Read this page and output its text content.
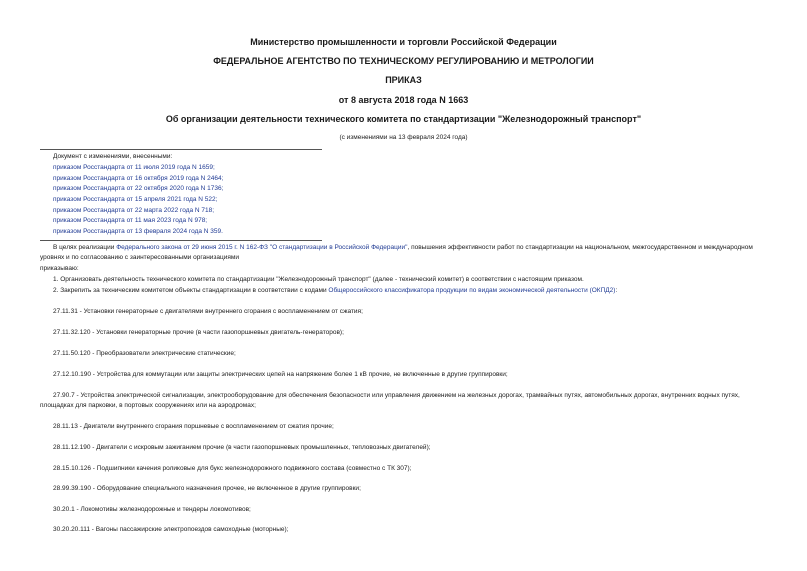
Министерство промышленности и торговли Российской Федерации
ФЕДЕРАЛЬНОЕ АГЕНТСТВО ПО ТЕХНИЧЕСКОМУ РЕГУЛИРОВАНИЮ И МЕТРОЛОГИИ
ПРИКАЗ
от 8 августа 2018 года N 1663
Об организации деятельности технического комитета по стандартизации "Железнодорожный транспорт"
(с изменениями на 13 февраля 2024 года)
Документ с изменениями, внесенными:
приказом Росстандарта от 11 июля 2019 года N 1659;
приказом Росстандарта от 16 октября 2019 года N 2464;
приказом Росстандарта от 22 октября 2020 года N 1736;
приказом Росстандарта от 15 апреля 2021 года N 522;
приказом Росстандарта от 22 марта 2022 года N 718;
приказом Росстандарта от 11 мая 2023 года N 978;
приказом Росстандарта от 13 февраля 2024 года N 359.
В целях реализации Федерального закона от 29 июня 2015 г. N 162-ФЗ "О стандартизации в Российской Федерации", повышения эффективности работ по стандартизации на национальном, межгосударственном и международном уровнях и по согласованию с заинтересованными организациями
приказываю:
1. Организовать деятельность технического комитета по стандартизации "Железнодорожный транспорт" (далее - технический комитет) в соответствии с настоящим приказом.
2. Закрепить за техническим комитетом объекты стандартизации в соответствии с кодами Общероссийского классификатора продукции по видам экономической деятельности (ОКПД2):
27.11.31 - Установки генераторные с двигателями внутреннего сгорания с воспламенением от сжатия;
27.11.32.120 - Установки генераторные прочие (в части газопоршневых двигатель-генераторов);
27.11.50.120 - Преобразователи электрические статические;
27.12.10.190 - Устройства для коммутации или защиты электрических цепей на напряжение более 1 кВ прочие, не включенные в другие группировки;
27.90.7 - Устройства электрической сигнализации, электрооборудование для обеспечения безопасности или управления движением на железных дорогах, трамвайных путях, автомобильных дорогах, внутренних водных путях, площадках для парковки, в портовых сооружениях или на аэродромах;
28.11.13 - Двигатели внутреннего сгорания поршневые с воспламенением от сжатия прочие;
28.11.12.190 - Двигатели с искровым зажиганием прочие (в части газопоршневых промышленных, тепловозных двигателей);
28.15.10.126 - Подшипники качения роликовые для букс железнодорожного подвижного состава (совместно с ТК 307);
28.99.39.190 - Оборудование специального назначения прочее, не включенное в другие группировки;
30.20.1 - Локомотивы железнодорожные и тендеры локомотивов;
30.20.20.111 - Вагоны пассажирские электропоездов самоходные (моторные);
